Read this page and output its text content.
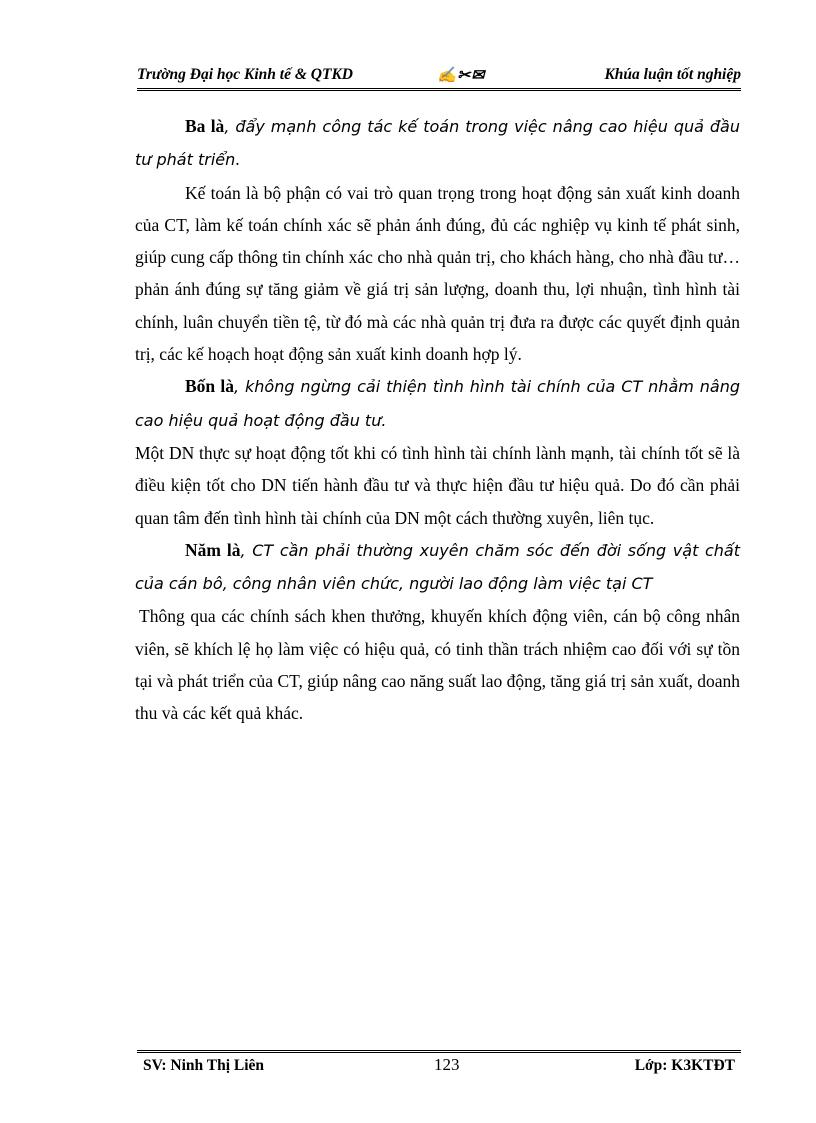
Trường Đại học Kinh tế & QTKD	✍✂✉	Khúa luận tốt nghiệp

Ba là, đẩy mạnh công tác kế toán trong việc nâng cao hiệu quả đầu tư phát triển.

Kế toán là bộ phận có vai trò quan trọng trong hoạt động sản xuất kinh doanh của CT, làm kế toán chính xác sẽ phản ánh đúng, đủ các nghiệp vụ kinh tế phát sinh, giúp cung cấp thông tin chính xác cho nhà quản trị, cho khách hàng, cho nhà đầu tư…phản ánh đúng sự tăng giảm về giá trị sản lượng, doanh thu, lợi nhuận, tình hình tài chính, luân chuyển tiền tệ, từ đó mà các nhà quản trị đưa ra được các quyết định quản trị, các kế hoạch hoạt động sản xuất kinh doanh hợp lý.

Bốn là, không ngừng cải thiện tình hình tài chính của CT nhằm nâng cao hiệu quả hoạt động đầu tư.

Một DN thực sự hoạt động tốt khi có tình hình tài chính lành mạnh, tài chính tốt sẽ là điều kiện tốt cho DN tiến hành đầu tư và thực hiện đầu tư hiệu quả. Do đó cần phải quan tâm đến tình hình tài chính của DN một cách thường xuyên, liên tục.

Năm là, CT cần phải thường xuyên chăm sóc đến đời sống vật chất của cán bô, công nhân viên chức, người lao động làm việc tại CT

Thông qua các chính sách khen thưởng, khuyến khích động viên, cán bộ công nhân viên, sẽ khích lệ họ làm việc có hiệu quả, có tinh thần trách nhiệm cao đối với sự tồn tại và phát triển của CT, giúp nâng cao năng suất lao động, tăng giá trị sản xuất, doanh thu và các kết quả khác.

SV: Ninh Thị Liên	123	Lớp: K3KTĐT
